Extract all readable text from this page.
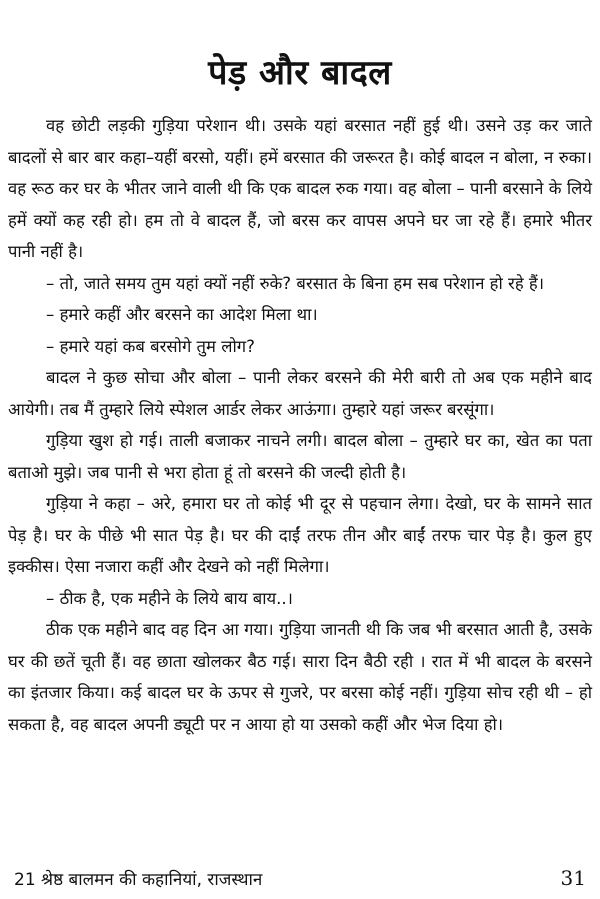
पेड़ और बादल

वह छोटी लड़की गुड़िया परेशान थी। उसके यहां बरसात नहीं हुई थी। उसने उड़ कर जाते बादलों से बार बार कहा–यहीं बरसो, यहीं। हमें बरसात की जरूरत है। कोई बादल न बोला, न रुका। वह रूठ कर घर के भीतर जाने वाली थी कि एक बादल रुक गया। वह बोला – पानी बरसाने के लिये हमें क्यों कह रही हो। हम तो वे बादल हैं, जो बरस कर वापस अपने घर जा रहे हैं। हमारे भीतर पानी नहीं है।

– तो, जाते समय तुम यहां क्यों नहीं रुके? बरसात के बिना हम सब परेशान हो रहे हैं।

– हमारे कहीं और बरसने का आदेश मिला था।

– हमारे यहां कब बरसोगे तुम लोग?

बादल ने कुछ सोचा और बोला – पानी लेकर बरसने की मेरी बारी तो अब एक महीने बाद आयेगी। तब मैं तुम्हारे लिये स्पेशल आर्डर लेकर आऊंगा। तुम्हारे यहां जरूर बरसूंगा।

गुड़िया खुश हो गई। ताली बजाकर नाचने लगी। बादल बोला – तुम्हारे घर का, खेत का पता बताओ मुझे। जब पानी से भरा होता हूं तो बरसने की जल्दी होती है।

गुड़िया ने कहा – अरे, हमारा घर तो कोई भी दूर से पहचान लेगा। देखो, घर के सामने सात पेड़ है। घर के पीछे भी सात पेड़ है। घर की दाईं तरफ तीन और बाईं तरफ चार पेड़ है। कुल हुए इक्कीस। ऐसा नजारा कहीं और देखने को नहीं मिलेगा।

– ठीक है, एक महीने के लिये बाय बाय..।

ठीक एक महीने बाद वह दिन आ गया। गुड़िया जानती थी कि जब भी बरसात आती है, उसके घर की छतें चूती हैं। वह छाता खोलकर बैठ गई। सारा दिन बैठी रही । रात में भी बादल के बरसने का इंतजार किया। कई बादल घर के ऊपर से गुजरे, पर बरसा कोई नहीं। गुड़िया सोच रही थी – हो सकता है, वह बादल अपनी ड्यूटी पर न आया हो या उसको कहीं और भेज दिया हो।

21 श्रेष्ठ बालमन की कहानियां, राजस्थान	31
